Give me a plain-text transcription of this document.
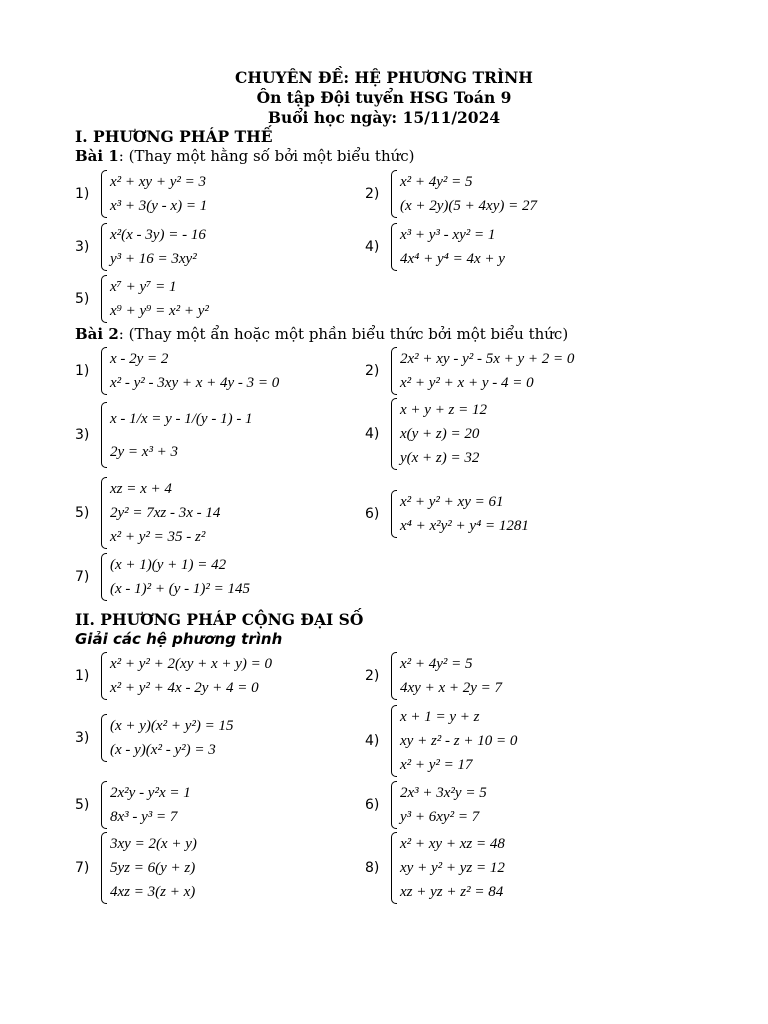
CHUYÊN ĐỀ: HỆ PHƯƠNG TRÌNH
Ôn tập Đội tuyển HSG Toán 9
Buổi học ngày: 15/11/2024
I. PHƯƠNG PHÁP THẾ
Bài 1: (Thay một hằng số bởi một biểu thức)
1)
x² + xy + y² = 3
x³ + 3(y - x) = 1
2)
x² + 4y² = 5
(x + 2y)(5 + 4xy) = 27
3)
x²(x - 3y) = - 16
y³ + 16 = 3xy²
4)
x³ + y³ - xy² = 1
4x⁴ + y⁴ = 4x + y
5)
x⁷ + y⁷ = 1
x⁹ + y⁹ = x² + y²
Bài 2: (Thay một ẩn hoặc một phần biểu thức bởi một biểu thức)
1)
x - 2y = 2
x² - y² - 3xy + x + 4y - 3 = 0
2)
2x² + xy - y² - 5x + y + 2 = 0
x² + y² + x + y - 4 = 0
3)
x - 1/x = y - 1/(y - 1) - 1
2y = x³ + 3
4)
x + y + z = 12
x(y + z) = 20
y(x + z) = 32
5)
xz = x + 4
2y² = 7xz - 3x - 14
x² + y² = 35 - z²
6)
x² + y² + xy = 61
x⁴ + x²y² + y⁴ = 1281
7)
(x + 1)(y + 1) = 42
(x - 1)² + (y - 1)² = 145
II. PHƯƠNG PHÁP CỘNG ĐẠI SỐ
Giải các hệ phương trình
1)
x² + y² + 2(xy + x + y) = 0
x² + y² + 4x - 2y + 4 = 0
2)
x² + 4y² = 5
4xy + x + 2y = 7
3)
(x + y)(x² + y²) = 15
(x - y)(x² - y²) = 3
4)
x + 1 = y + z
xy + z² - z + 10 = 0
x² + y² = 17
5)
2x²y - y²x = 1
8x³ - y³ = 7
6)
2x³ + 3x²y = 5
y³ + 6xy² = 7
7)
3xy = 2(x + y)
5yz = 6(y + z)
4xz = 3(z + x)
8)
x² + xy + xz = 48
xy + y² + yz = 12
xz + yz + z² = 84
